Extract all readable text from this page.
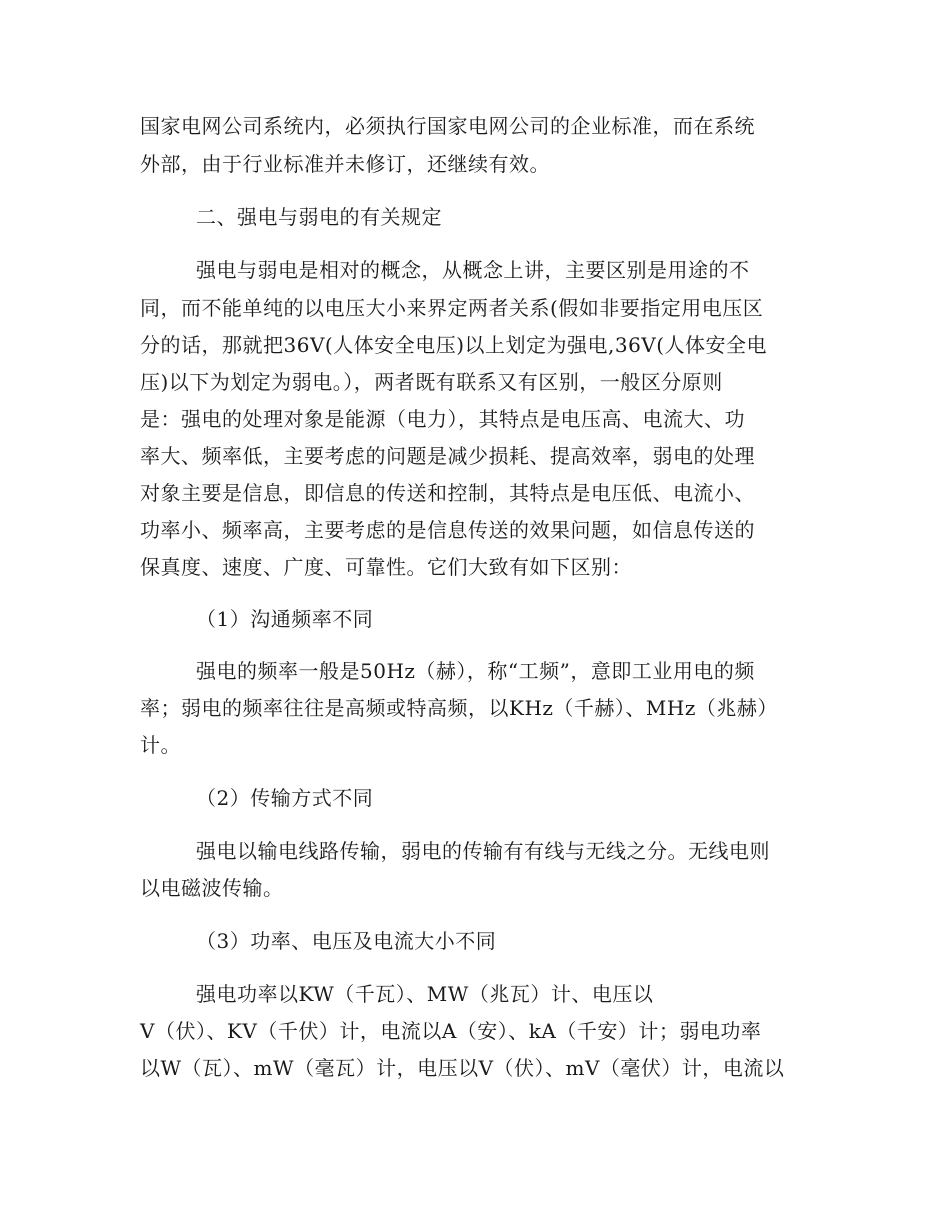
国家电网公司系统内，必须执行国家电网公司的企业标准，而在系统
外部，由于行业标准并未修订，还继续有效。
二、强电与弱电的有关规定
强电与弱电是相对的概念，从概念上讲，主要区别是用途的不
同，而不能单纯的以电压大小来界定两者关系(假如非要指定用电压区
分的话，那就把36V(人体安全电压)以上划定为强电,36V(人体安全电
压)以下为划定为弱电。），两者既有联系又有区别，一般区分原则
是：强电的处理对象是能源（电力），其特点是电压高、电流大、功
率大、频率低，主要考虑的问题是减少损耗、提高效率，弱电的处理
对象主要是信息，即信息的传送和控制，其特点是电压低、电流小、
功率小、频率高，主要考虑的是信息传送的效果问题，如信息传送的
保真度、速度、广度、可靠性。它们大致有如下区别：
（1）沟通频率不同
强电的频率一般是50Hz（赫），称“工频”，意即工业用电的频
率；弱电的频率往往是高频或特高频，以KHz（千赫）、MHz（兆赫）
计。
（2）传输方式不同
强电以输电线路传输，弱电的传输有有线与无线之分。无线电则
以电磁波传输。
（3）功率、电压及电流大小不同
强电功率以KW（千瓦）、MW（兆瓦）计、电压以
V（伏）、KV（千伏）计，电流以A（安）、kA（千安）计；弱电功率
以W（瓦）、mW（毫瓦）计，电压以V（伏）、mV（毫伏）计，电流以
